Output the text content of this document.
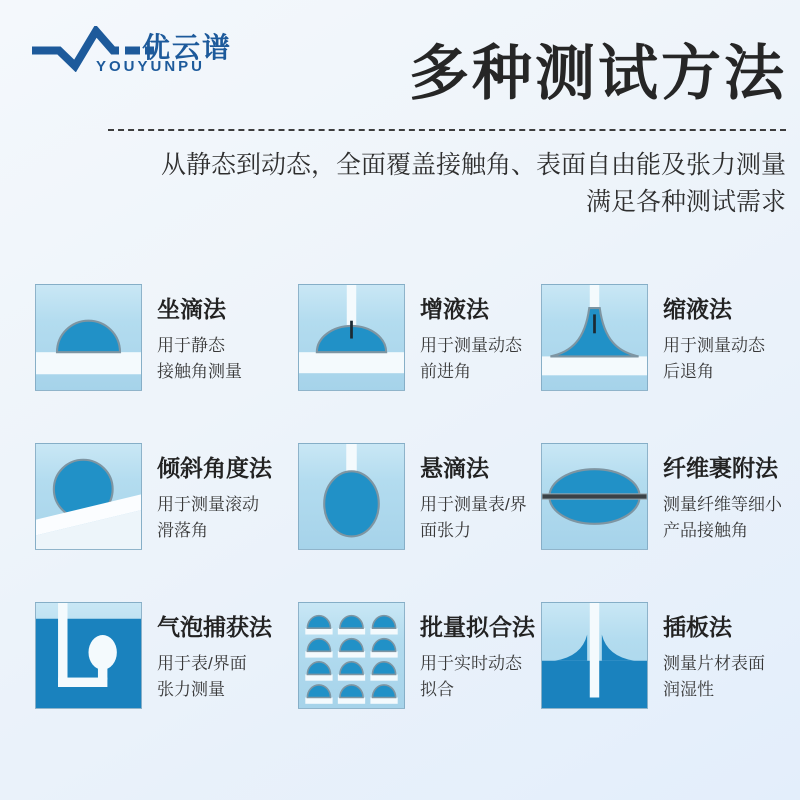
优云谱
YOUYUNPU	多种测试方法
从静态到动态，全面覆盖接触角、表面自由能及张力测量
满足各种测试需求
坐滴法
用于静态
接触角测量
增液法
用于测量动态
前进角
缩液法
用于测量动态
后退角
倾斜角度法
用于测量滚动
滑落角
悬滴法
用于测量表/界
面张力
纤维裹附法
测量纤维等细小
产品接触角
气泡捕获法
用于表/界面
张力测量
批量拟合法
用于实时动态
拟合
插板法
测量片材表面
润湿性
